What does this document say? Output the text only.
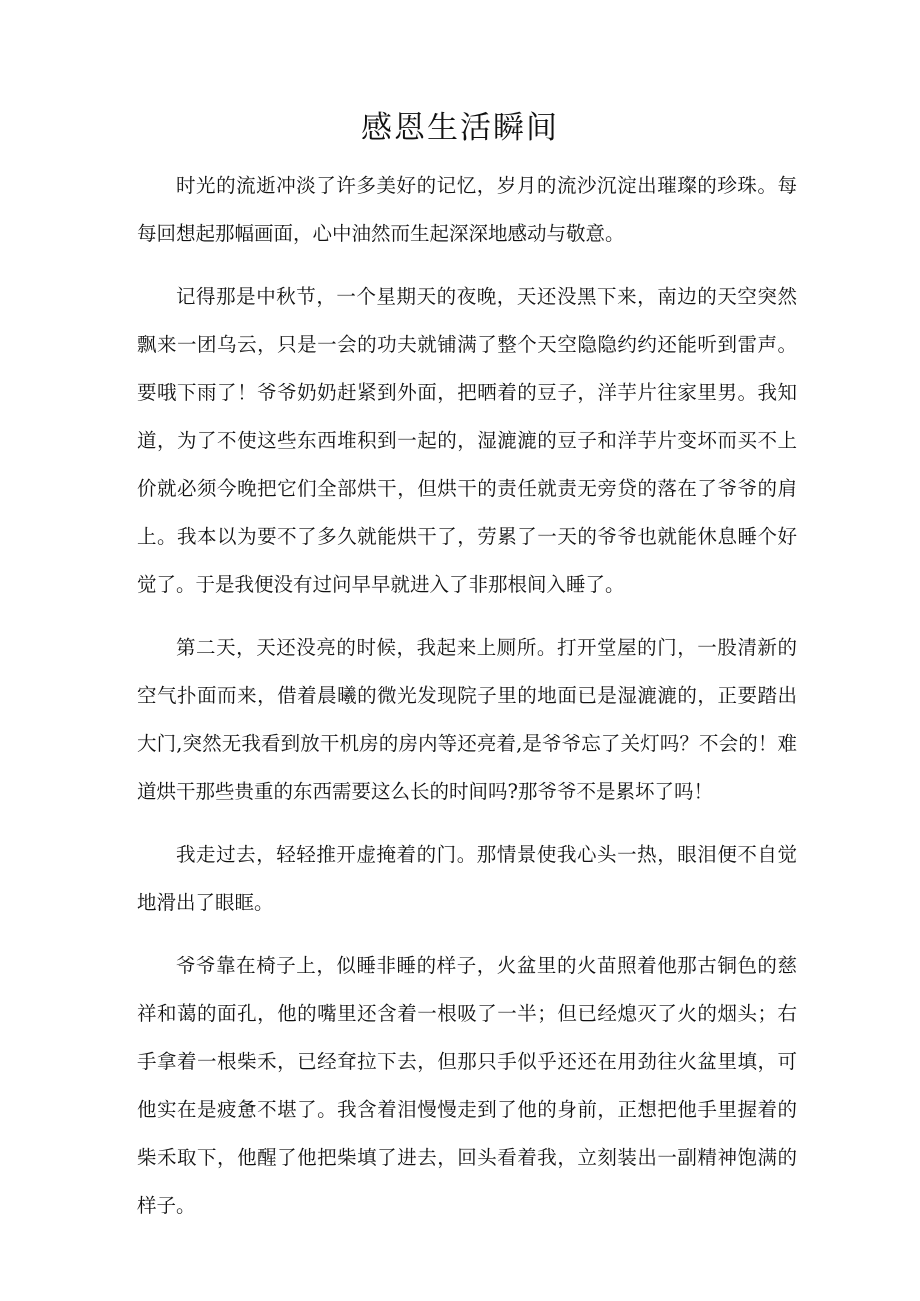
感恩生活瞬间

时光的流逝冲淡了许多美好的记忆，岁月的流沙沉淀出璀璨的珍珠。每每回想起那幅画面，心中油然而生起深深地感动与敬意。

记得那是中秋节，一个星期天的夜晚，天还没黑下来，南边的天空突然飘来一团乌云，只是一会的功夫就铺满了整个天空隐隐约约还能听到雷声。要哦下雨了！爷爷奶奶赶紧到外面，把晒着的豆子，洋芋片往家里男。我知道，为了不使这些东西堆积到一起的，湿漉漉的豆子和洋芋片变坏而买不上价就必须今晚把它们全部烘干，但烘干的责任就责无旁贷的落在了爷爷的肩上。我本以为要不了多久就能烘干了，劳累了一天的爷爷也就能休息睡个好觉了。于是我便没有过问早早就进入了非那根间入睡了。

第二天，天还没亮的时候，我起来上厕所。打开堂屋的门，一股清新的空气扑面而来，借着晨曦的微光发现院子里的地面已是湿漉漉的，正要踏出大门,突然无我看到放干机房的房内等还亮着,是爷爷忘了关灯吗？不会的！难道烘干那些贵重的东西需要这么长的时间吗?那爷爷不是累坏了吗！

我走过去，轻轻推开虚掩着的门。那情景使我心头一热，眼泪便不自觉地滑出了眼眶。

爷爷靠在椅子上，似睡非睡的样子，火盆里的火苗照着他那古铜色的慈祥和蔼的面孔，他的嘴里还含着一根吸了一半；但已经熄灭了火的烟头；右手拿着一根柴禾，已经耷拉下去，但那只手似乎还还在用劲往火盆里填，可他实在是疲惫不堪了。我含着泪慢慢走到了他的身前，正想把他手里握着的柴禾取下，他醒了他把柴填了进去，回头看着我，立刻装出一副精神饱满的样子。
